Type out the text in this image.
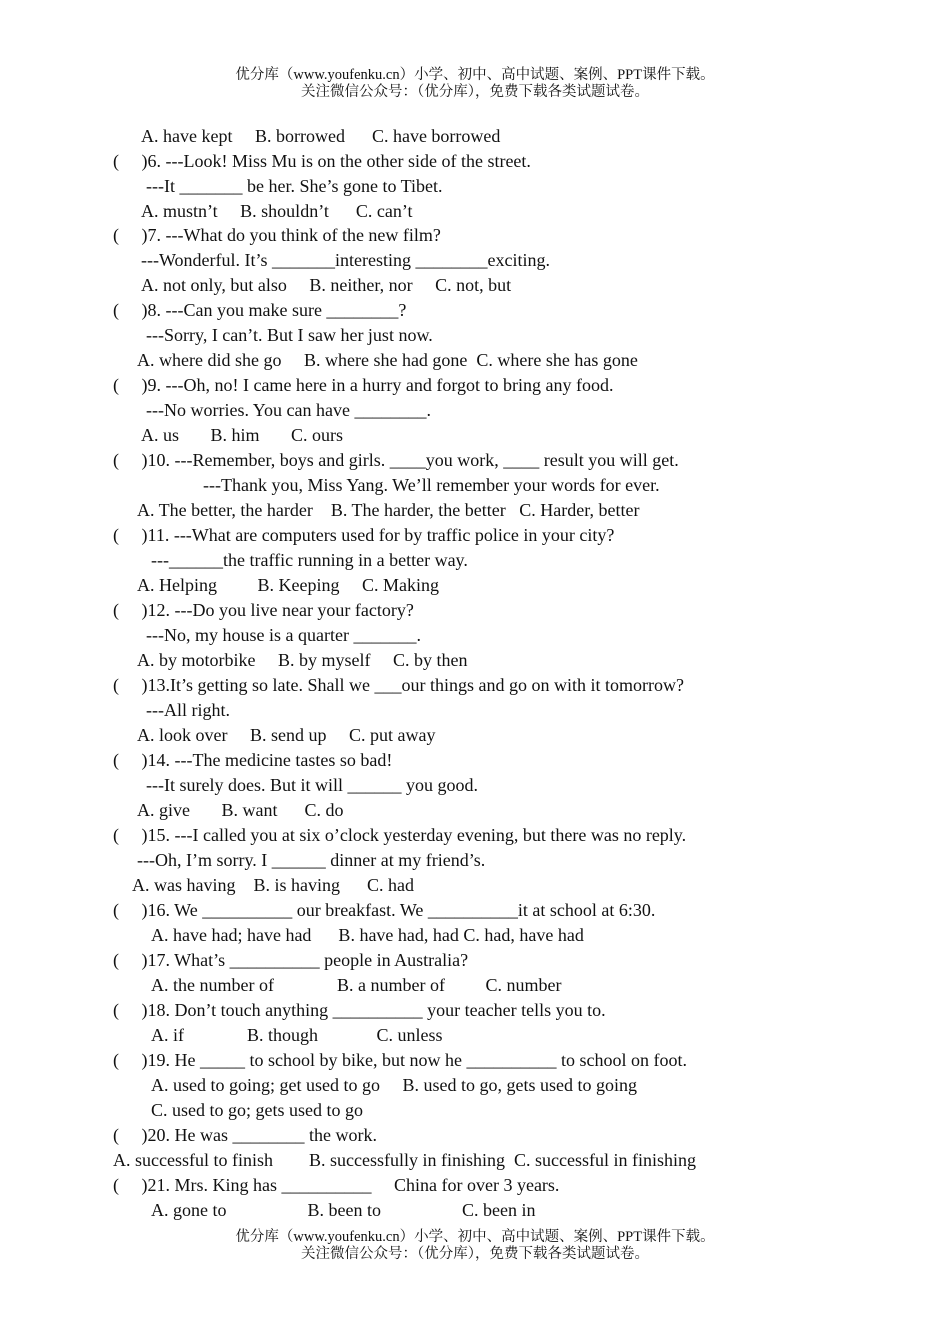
优分库（www.youfenku.cn）小学、初中、高中试题、案例、PPT课件下载。
关注微信公众号：（优分库），免费下载各类试题试卷。
A. have kept     B. borrowed      C. have borrowed
(     )6. ---Look! Miss Mu is on the other side of the street.
---It _______ be her. She’s gone to Tibet.
A. mustn’t     B. shouldn’t      C. can’t
(     )7. ---What do you think of the new film?
---Wonderful. It’s _______interesting ________exciting.
A. not only, but also     B. neither, nor     C. not, but
(     )8. ---Can you make sure ________?
---Sorry, I can’t. But I saw her just now.
A. where did she go     B. where she had gone  C. where she has gone
(     )9. ---Oh, no! I came here in a hurry and forgot to bring any food.
---No worries. You can have ________.
A. us       B. him       C. ours
(     )10. ---Remember, boys and girls. ____you work, ____ result you will get.
---Thank you, Miss Yang. We’ll remember your words for ever.
A. The better, the harder    B. The harder, the better   C. Harder, better
(     )11. ---What are computers used for by traffic police in your city?
---______the traffic running in a better way.
A. Helping         B. Keeping     C. Making
(     )12. ---Do you live near your factory?
---No, my house is a quarter _______.
A. by motorbike     B. by myself     C. by then
(     )13.It’s getting so late. Shall we ___our things and go on with it tomorrow?
---All right.
A. look over     B. send up     C. put away
(     )14. ---The medicine tastes so bad!
---It surely does. But it will ______ you good.
A. give       B. want      C. do
(     )15. ---I called you at six o’clock yesterday evening, but there was no reply.
---Oh, I’m sorry. I ______ dinner at my friend’s.
A. was having    B. is having      C. had
(     )16. We __________ our breakfast. We __________it at school at 6:30.
A. have had; have had      B. have had, had C. had, have had
(     )17. What’s __________ people in Australia?
A. the number of              B. a number of         C. number
(     )18. Don’t touch anything __________ your teacher tells you to.
A. if              B. though             C. unless
(     )19. He _____ to school by bike, but now he __________ to school on foot.
A. used to going; get used to go     B. used to go, gets used to going
C. used to go; gets used to go
(     )20. He was ________ the work.
A. successful to finish        B. successfully in finishing  C. successful in finishing
(     )21. Mrs. King has __________     China for over 3 years.
A. gone to                  B. been to                  C. been in
优分库（www.youfenku.cn）小学、初中、高中试题、案例、PPT课件下载。
关注微信公众号：（优分库），免费下载各类试题试卷。
